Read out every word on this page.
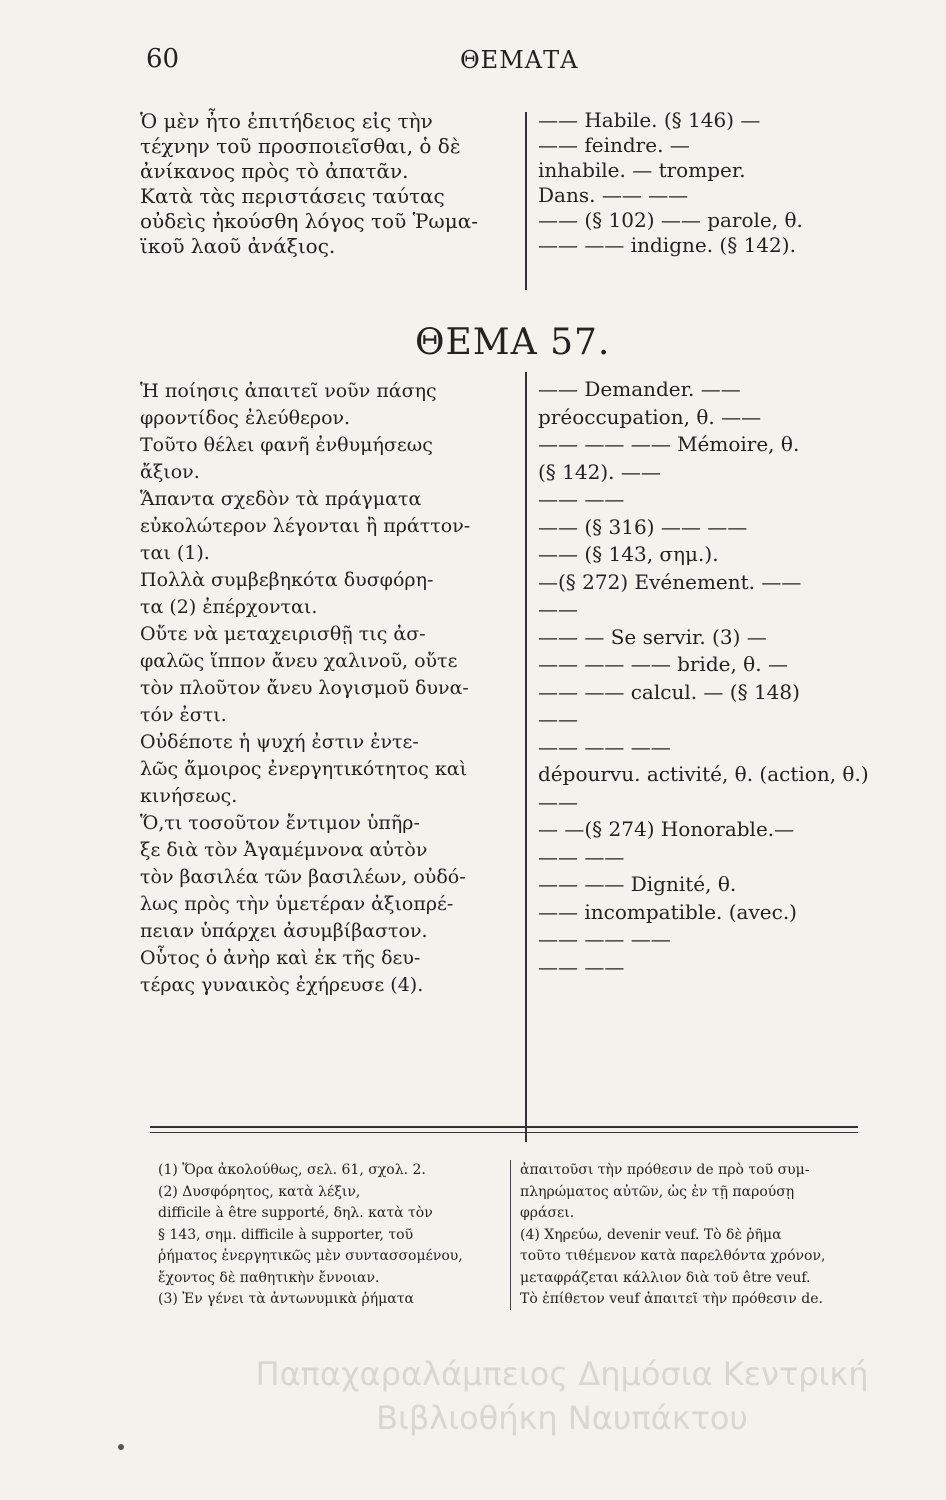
60	ΘΕΜΑΤΑ
Ὁ μὲν ἦτο ἐπιτήδειος εἰς τὴν
τέχνην τοῦ προσποιεῖσθαι, ὁ δὲ
ἀνίκανος πρὸς τὸ ἀπατᾶν.
Κατὰ τὰς περιστάσεις ταύτας
οὐδεὶς ἠκούσθη λόγος τοῦ Ῥωμα-
ϊκοῦ λαοῦ ἀνάξιος.
—— Habile. (§ 146) —
—— feindre. —
inhabile. — tromper.
Dans. —— ——
—— (§ 102) —— parole, θ.
—— —— indigne. (§ 142).
ΘΕΜΑ 57.
Ἡ ποίησις ἀπαιτεῖ νοῦν πάσης
φροντίδος ἐλεύθερον.
Τοῦτο θέλει φανῆ ἐνθυμήσεως
ἄξιον.
Ἅπαντα σχεδὸν τὰ πράγματα
εὐκολώτερον λέγονται ἢ πράττον-
ται (1).
Πολλὰ συμβεβηκότα δυσφόρη-
τα (2) ἐπέρχονται.
Οὔτε νὰ μεταχειρισθῇ τις ἀσ-
φαλῶς ἵππον ἄνευ χαλινοῦ, οὔτε
τὸν πλοῦτον ἄνευ λογισμοῦ δυνα-
τόν ἐστι.
Οὐδέποτε ἡ ψυχή ἐστιν ἐντε-
λῶς ἄμοιρος ἐνεργητικότητος καὶ
κινήσεως.
Ὅ,τι τοσοῦτον ἔντιμον ὑπῆρ-
ξε διὰ τὸν Ἀγαμέμνονα αὐτὸν
τὸν βασιλέα τῶν βασιλέων, οὐδό-
λως πρὸς τὴν ὑμετέραν ἀξιοπρέ-
πειαν ὑπάρχει ἀσυμβίβαστον.
Οὗτος ὁ ἀνὴρ καὶ ἐκ τῆς δευ-
τέρας γυναικὸς ἐχήρευσε (4).
—— Demander. ——
préoccupation, θ. ——
—— —— —— Mémoire, θ.
(§ 142). ——
—— ——
—— (§ 316) —— ——
—— (§ 143, σημ.).
—(§ 272) Evénement. ——
——
—— — Se servir. (3) —
—— —— —— bride, θ. —
—— —— calcul. — (§ 148)
——
—— —— ——
dépourvu. activité, θ. (action, θ.)
——
— —(§ 274) Honorable.—
—— ——
—— —— Dignité, θ.
—— incompatible. (avec.)
—— —— ——
—— ——
(1) Ὅρα ἀκολούθως, σελ. 61, σχολ. 2.
(2) Δυσφόρητος, κατὰ λέξιν,
difficile à être supporté, δηλ. κατὰ τὸν
§ 143, σημ. difficile à supporter, τοῦ
ῥήματος ἐνεργητικῶς μὲν συντασσομένου,
ἔχοντος δὲ παθητικὴν ἔννοιαν.
(3) Ἐν γένει τὰ ἀντωνυμικὰ ῥήματα
ἀπαιτοῦσι τὴν πρόθεσιν de πρὸ τοῦ συμ-
πληρώματος αὐτῶν, ὡς ἐν τῇ παρούσῃ
φράσει.
(4) Χηρεύω, devenir veuf. Τὸ δὲ ῥῆμα
τοῦτο τιθέμενον κατὰ παρελθόντα χρόνον,
μεταφράζεται κάλλιον διὰ τοῦ être veuf.
Τὸ ἐπίθετον veuf ἀπαιτεῖ τὴν πρόθεσιν de.
Παπαχαραλάμπειος Δημόσια Κεντρική
Βιβλιοθήκη Ναυπάκτου
